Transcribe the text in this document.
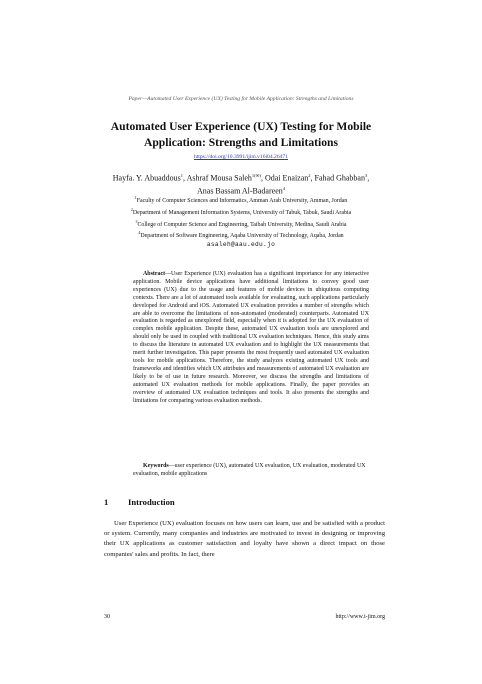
Paper—Automated User Experience (UX) Testing for Mobile Application: Strengths and Limitations
Automated User Experience (UX) Testing for Mobile Application: Strengths and Limitations
https://doi.org/10.3991/ijim.v16i04.26471
Hayfa. Y. Abuaddous$^1$, Ashraf Mousa Saleh$^{1(✉)}$, Odai Enaizan$^2$, Fahad Ghabban$^3$,
Anas Bassam Al-Badareen$^4$
$^1$Faculty of Computer Sciences and Informatics, Amman Arab University, Amman, Jordan
$^2$Department of Management Information Systems, University of Tabuk, Tabuk, Saudi Arabia
$^3$College of Computer Science and Engineering, Taibah University, Medina, Saudi Arabia
$^4$Department of Software Engineering, Aqaba University of Technology, Aqaba, Jordan
asaleh@aau.edu.jo
Abstract—User Experience (UX) evaluation has a significant importance for any interactive application. Mobile device applications have additional limitations to convey good user experiences (UX) due to the usage and features of mobile devices in ubiquitous computing contexts. There are a lot of automated tools available for evaluating, such applications particularly developed for Android and iOS. Automated UX evaluation provides a number of strengths which are able to overcome the limitations of non-automated (moderated) counterparts. Automated UX evaluation is regarded as unexplored field, especially when it is adopted for the UX evaluation of complex mobile application. Despite these, automated UX evaluation tools are unexplored and should only be used in coupled with traditional UX evaluation techniques. Hence, this study aims to discuss the literature in automated UX evaluation and to highlight the UX measurements that merit further investigation. This paper presents the most frequently used automated UX evaluation tools for mobile applications. Therefore, the study analyzes existing automated UX tools and frameworks and identifies which UX attributes and measurements of automated UX evaluation are likely to be of use in future research. Moreover, we discuss the strengths and limitations of automated UX evaluation methods for mobile applications. Finally, the paper provides an overview of automated UX evaluation techniques and tools. It also presents the strengths and limitations for comparing various evaluation methods.
Keywords—user experience (UX), automated UX evaluation, UX evaluation, moderated UX evaluation, mobile applications
1 Introduction
User Experience (UX) evaluation focuses on how users can learn, use and be satisfied with a product or system. Currently, many companies and industries are motivated to invest in designing or improving their UX applications as customer satisfaction and loyalty have shown a direct impact on those companies' sales and profits. In fact, there
30	http://www.i-jim.org
